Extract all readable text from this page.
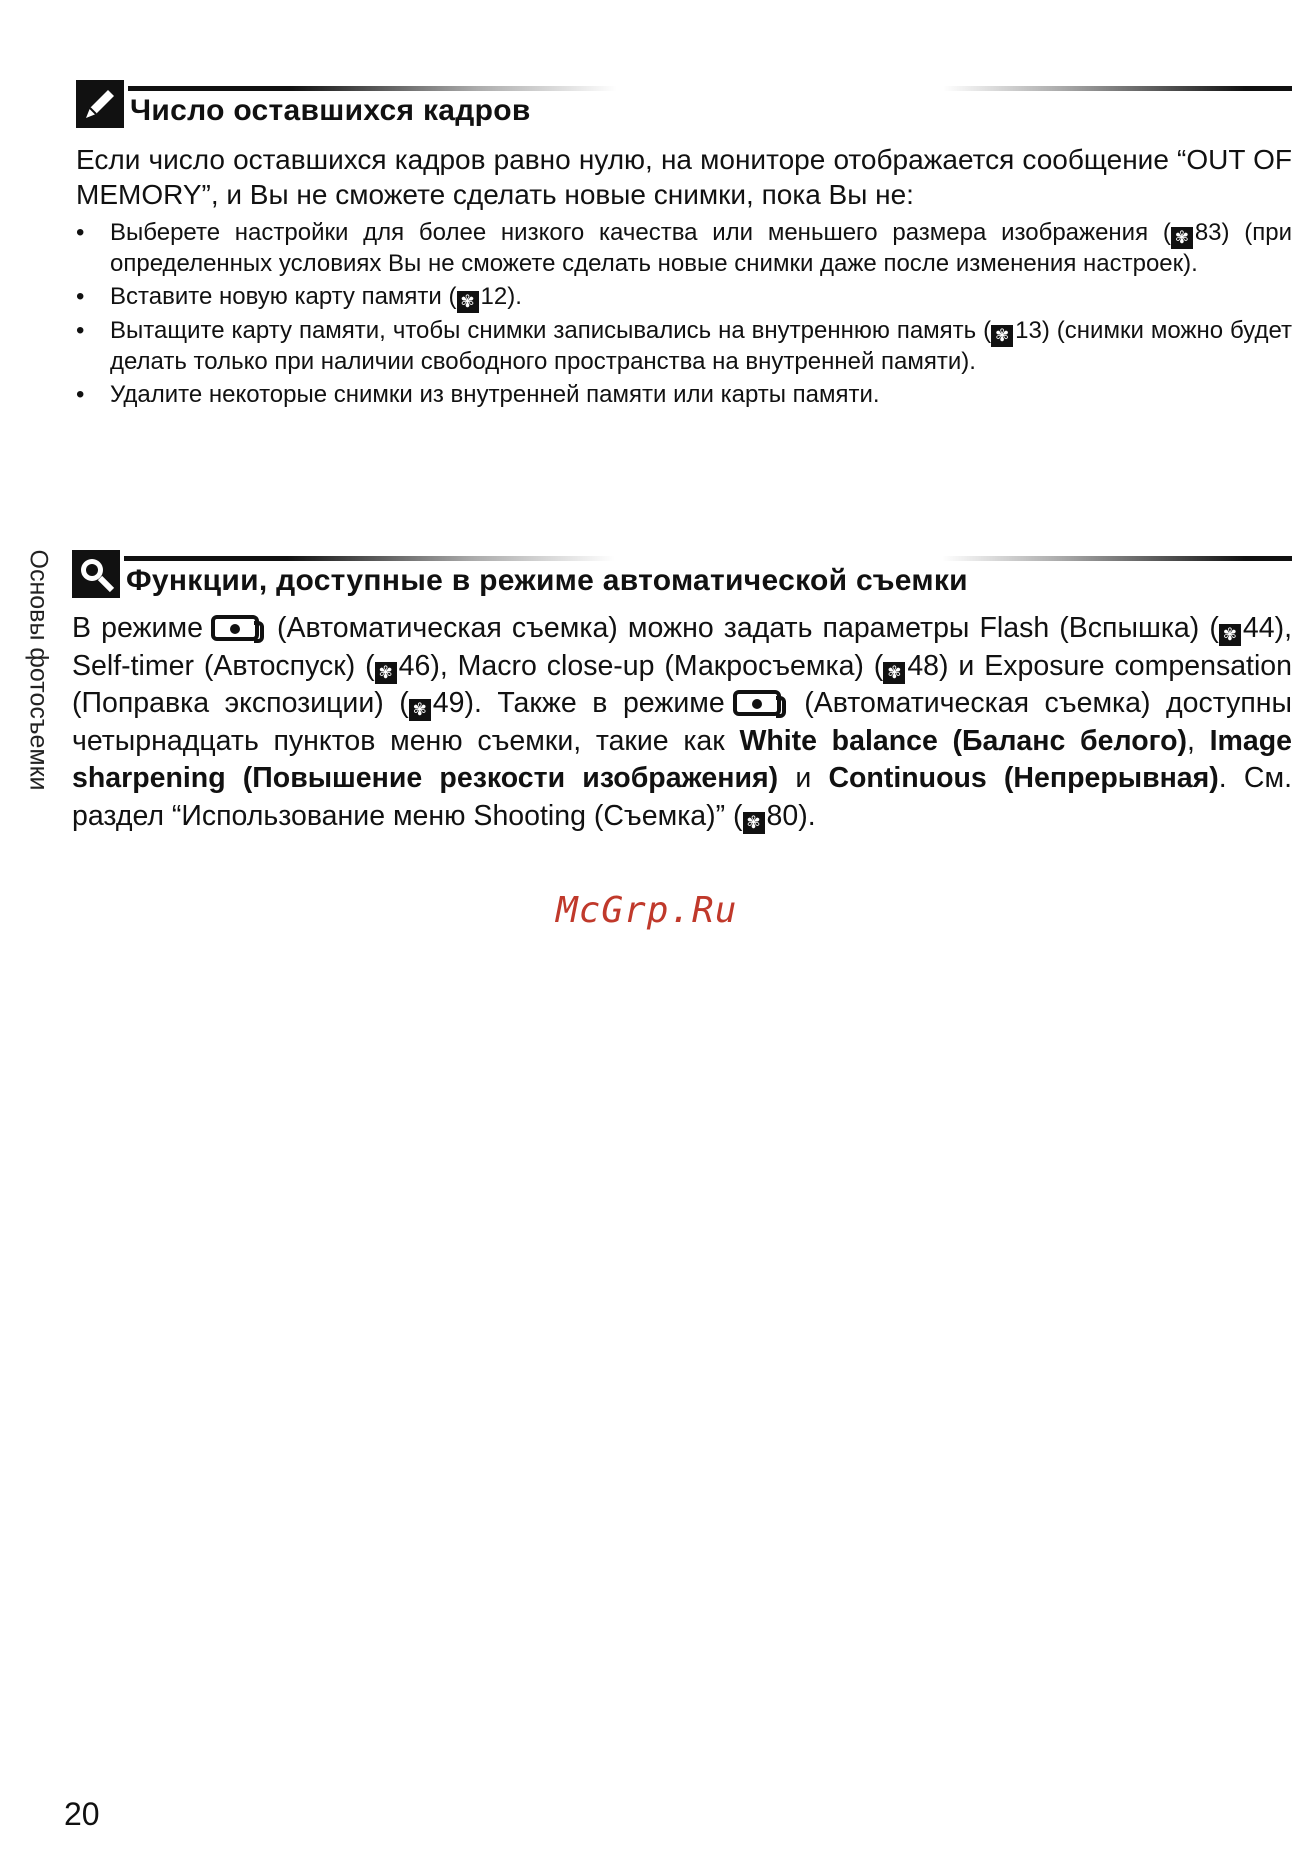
Число оставшихся кадров

Если число оставшихся кадров равно нулю, на мониторе отображается сообщение “OUT OF MEMORY”, и Вы не сможете сделать новые снимки, пока Вы не:

• Выберете настройки для более низкого качества или меньшего размера изображения ( ✾ 83) (при определенных условиях Вы не сможете сделать новые снимки даже после изменения настроек).
• Вставите новую карту памяти ( ✾ 12).
• Вытащите карту памяти, чтобы снимки записывались на внутреннюю память ( ✾ 13) (снимки можно будет делать только при наличии свободного пространства на внутренней памяти).
• Удалите некоторые снимки из внутренней памяти или карты памяти.
Функции, доступные в режиме автоматической съемки

В режиме	(Автоматическая съемка) можно задать параметры Flash (Вспышка) ( ✾ 44), Self-timer (Автоспуск) ( ✾ 46), Macro close-up (Макросъемка) ( ✾ 48) и Exposure compensation (Поправка экспозиции) ( ✾ 49). Также в режиме	(Автоматическая съемка) доступны четырнадцать пунктов меню съемки, такие как White balance (Баланс белого), Image sharpening (Повышение резкости изображения) и Continuous (Непрерывная). См. раздел “Использование меню Shooting (Съемка)” ( ✾ 80).

Основы фотосъемки
McGrp.Ru
20
